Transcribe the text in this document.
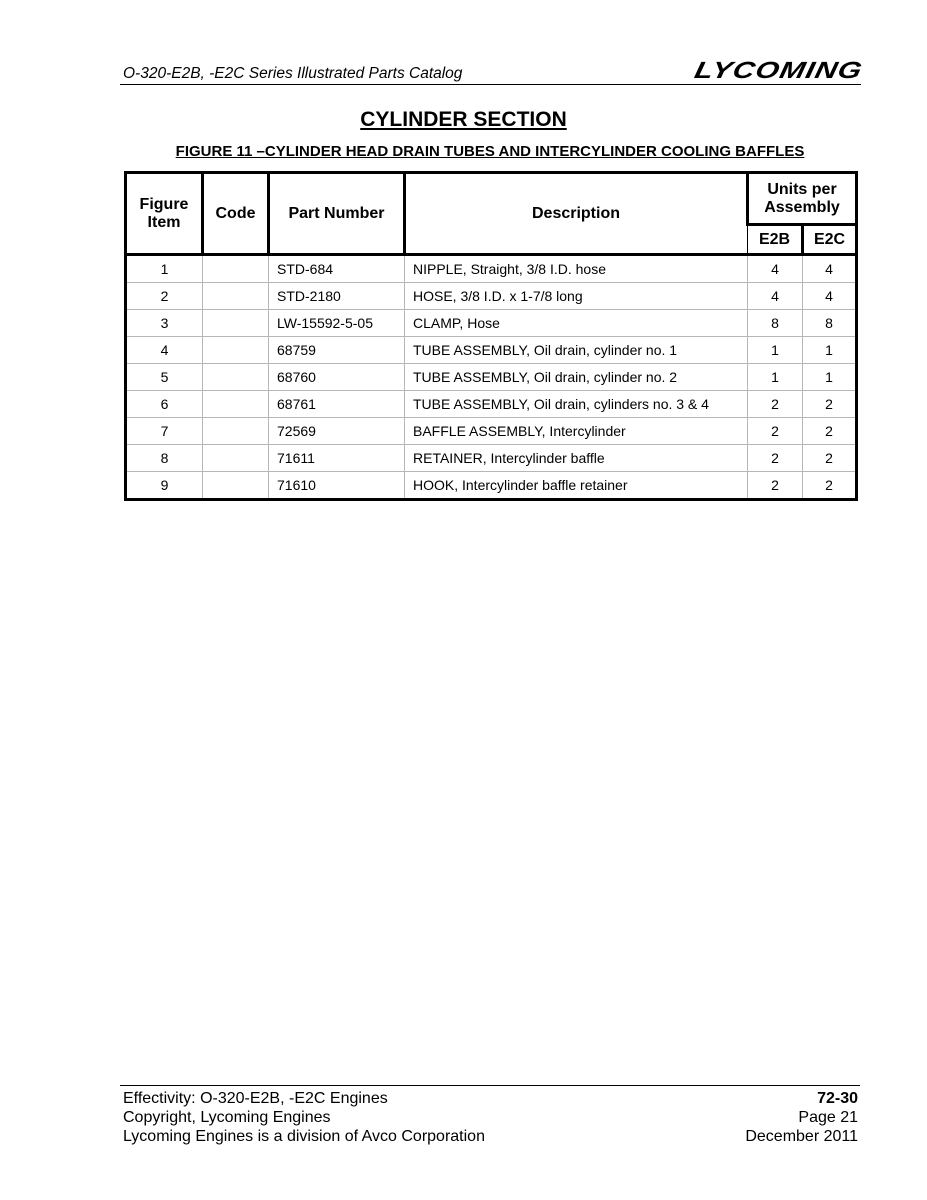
O-320-E2B, -E2C Series Illustrated Parts Catalog	LYCOMING
CYLINDER SECTION
FIGURE 11 –CYLINDER HEAD DRAIN TUBES AND INTERCYLINDER COOLING BAFFLES
Figure Item	Code	Part Number	Description	Units per Assembly	
				E2B	E2C
1		STD-684	NIPPLE, Straight, 3/8 I.D. hose	4	4
2		STD-2180	HOSE, 3/8 I.D. x 1-7/8 long	4	4
3		LW-15592-5-05	CLAMP, Hose	8	8
4		68759	TUBE ASSEMBLY, Oil drain, cylinder no. 1	1	1
5		68760	TUBE ASSEMBLY, Oil drain, cylinder no. 2	1	1
6		68761	TUBE ASSEMBLY, Oil drain, cylinders no. 3 & 4	2	2
7		72569	BAFFLE ASSEMBLY, Intercylinder	2	2
8		71611	RETAINER, Intercylinder baffle	2	2
9		71610	HOOK, Intercylinder baffle retainer	2	2
Effectivity: O-320-E2B, -E2C Engines
Copyright, Lycoming Engines
Lycoming Engines is a division of Avco Corporation
72-30
Page 21
December 2011
